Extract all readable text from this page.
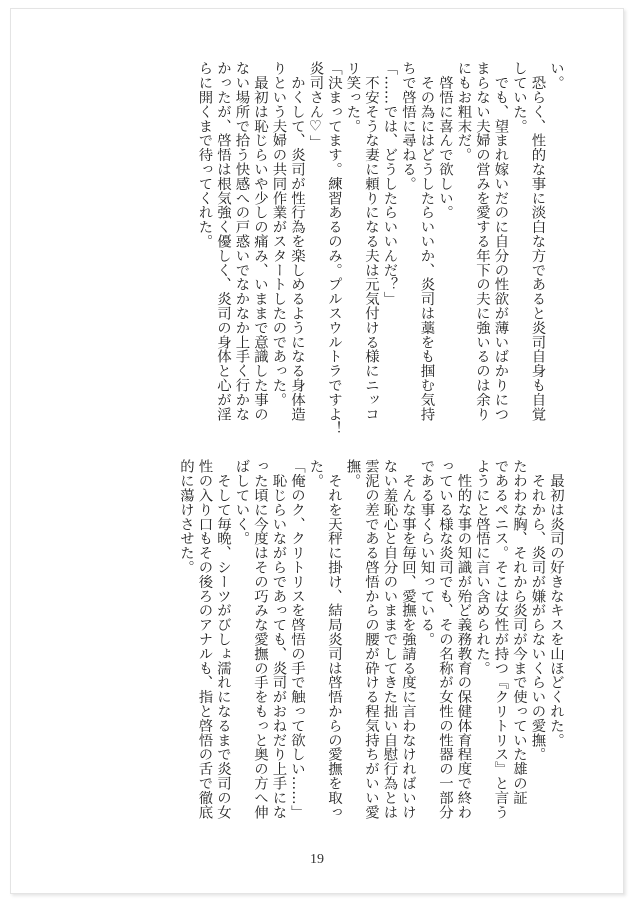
い。

　恐らく、性的な事に淡白な方であると炎司自身も自覚

していた。

　でも、望まれ嫁いだのに自分の性欲が薄いばかりにつ

まらない夫婦の営みを愛する年下の夫に強いるのは余り

にもお粗末だ。

　啓悟に喜んで欲しい。

　その為にはどうしたらいいか、炎司は藁をも掴む気持

ちで啓悟に尋ねる。

「……では、どうしたらいいんだ？」

　不安そうな妻に頼りになる夫は元気付ける様にニッコ

リ笑った。

「決まってます。練習あるのみ。プルスウルトラですよ！

炎司さん♡」

　かくして、炎司が性行為を楽しめるようになる身体造

りという夫婦の共同作業がスタートしたのであった。

　最初は恥じらいや少しの痛み、いままで意識した事の

ない場所で拾う快感への戸惑いでなかなか上手く行かな

かったが、啓悟は根気強く優しく、炎司の身体と心が淫

らに開くまで待ってくれた。

　最初は炎司の好きなキスを山ほどくれた。

　それから、炎司が嫌がらないくらいの愛撫。

たわわな胸、それから炎司が今まで使っていた雄の証

であるペニス。そこは女性が持つ『クリトリス』と言う

ようにと啓悟に言い含められた。

　性的な事の知識が殆ど義務教育の保健体育程度で終わ

っている様な炎司でも、その名称が女性の性器の一部分

である事くらい知っている。

　そんな事を毎回、愛撫を強請る度に言わなければいけ

ない羞恥心と自分のいままでしてきた拙い自慰行為とは

雲泥の差である啓悟からの腰が砕ける程気持ちがいい愛

撫。

　それを天秤に掛け、結局炎司は啓悟からの愛撫を取っ

た。

「俺のク、クリトリスを啓悟の手で触って欲しい……」

　恥じらいながらであっても、炎司がおねだり上手にな

った頃に今度はその巧みな愛撫の手をもっと奥の方へ伸

ばしていく。

　そして毎晩、シーツがびしょ濡れになるまで炎司の女

性の入り口もその後ろのアナルも、指と啓悟の舌で徹底

的に蕩けさせた。

19
